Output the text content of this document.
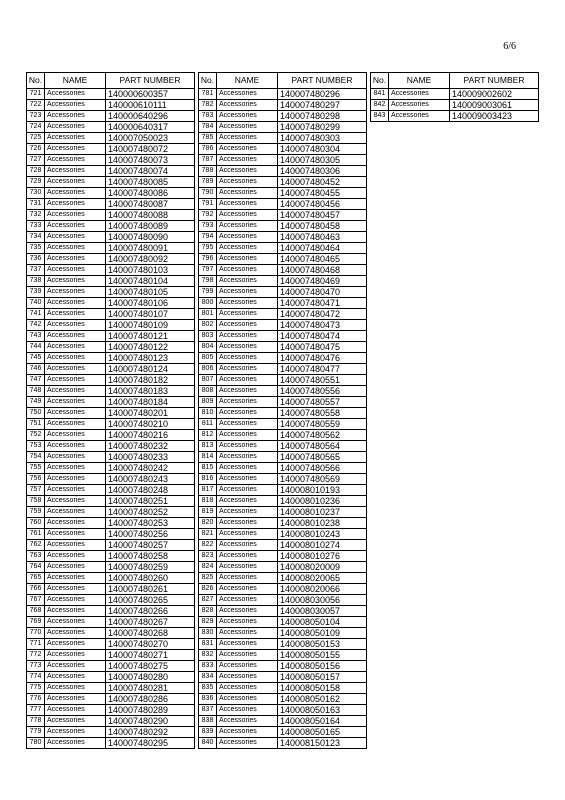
6/6
No.	NAME	PART NUMBER
721	Accessories	140000600357
722	Accessories	140000610111
723	Accessories	140000640296
724	Accessories	140000640317
725	Accessories	140007050023
726	Accessories	140007480072
727	Accessories	140007480073
728	Accessories	140007480074
729	Accessories	140007480085
730	Accessories	140007480086
731	Accessories	140007480087
732	Accessories	140007480088
733	Accessories	140007480089
734	Accessories	140007480090
735	Accessories	140007480091
736	Accessories	140007480092
737	Accessories	140007480103
738	Accessories	140007480104
739	Accessories	140007480105
740	Accessories	140007480106
741	Accessories	140007480107
742	Accessories	140007480109
743	Accessories	140007480121
744	Accessories	140007480122
745	Accessories	140007480123
746	Accessories	140007480124
747	Accessories	140007480182
748	Accessories	140007480183
749	Accessories	140007480184
750	Accessories	140007480201
751	Accessories	140007480210
752	Accessories	140007480216
753	Accessories	140007480232
754	Accessories	140007480233
755	Accessories	140007480242
756	Accessories	140007480243
757	Accessories	140007480248
758	Accessories	140007480251
759	Accessories	140007480252
760	Accessories	140007480253
761	Accessories	140007480256
762	Accessories	140007480257
763	Accessories	140007480258
764	Accessories	140007480259
765	Accessories	140007480260
766	Accessories	140007480261
767	Accessories	140007480265
768	Accessories	140007480266
769	Accessories	140007480267
770	Accessories	140007480268
771	Accessories	140007480270
772	Accessories	140007480271
773	Accessories	140007480275
774	Accessories	140007480280
775	Accessories	140007480281
776	Accessories	140007480286
777	Accessories	140007480289
778	Accessories	140007480290
779	Accessories	140007480292
780	Accessories	140007480295
No.	NAME	PART NUMBER
781	Accessories	140007480296
782	Accessories	140007480297
783	Accessories	140007480298
784	Accessories	140007480299
785	Accessories	140007480303
786	Accessories	140007480304
787	Accessories	140007480305
788	Accessories	140007480306
789	Accessories	140007480452
790	Accessories	140007480455
791	Accessories	140007480456
792	Accessories	140007480457
793	Accessories	140007480458
794	Accessories	140007480463
795	Accessories	140007480464
796	Accessories	140007480465
797	Accessories	140007480468
798	Accessories	140007480469
799	Accessories	140007480470
800	Accessories	140007480471
801	Accessories	140007480472
802	Accessories	140007480473
803	Accessories	140007480474
804	Accessories	140007480475
805	Accessories	140007480476
806	Accessories	140007480477
807	Accessories	140007480551
808	Accessories	140007480556
809	Accessories	140007480557
810	Accessories	140007480558
811	Accessories	140007480559
812	Accessories	140007480562
813	Accessories	140007480564
814	Accessories	140007480565
815	Accessories	140007480566
816	Accessories	140007480569
817	Accessories	140008010193
818	Accessories	140008010236
819	Accessories	140008010237
820	Accessories	140008010238
821	Accessories	140008010243
822	Accessories	140008010274
823	Accessories	140008010276
824	Accessories	140008020009
825	Accessories	140008020065
826	Accessories	140008020066
827	Accessories	140008030056
828	Accessories	140008030057
829	Accessories	140008050104
830	Accessories	140008050109
831	Accessories	140008050153
832	Accessories	140008050155
833	Accessories	140008050156
834	Accessories	140008050157
835	Accessories	140008050158
836	Accessories	140008050162
837	Accessories	140008050163
838	Accessories	140008050164
839	Accessories	140008050165
840	Accessories	140008150123
No.	NAME	PART NUMBER
841	Accessories	140009002602
842	Accessories	140009003061
843	Accessories	140009003423
